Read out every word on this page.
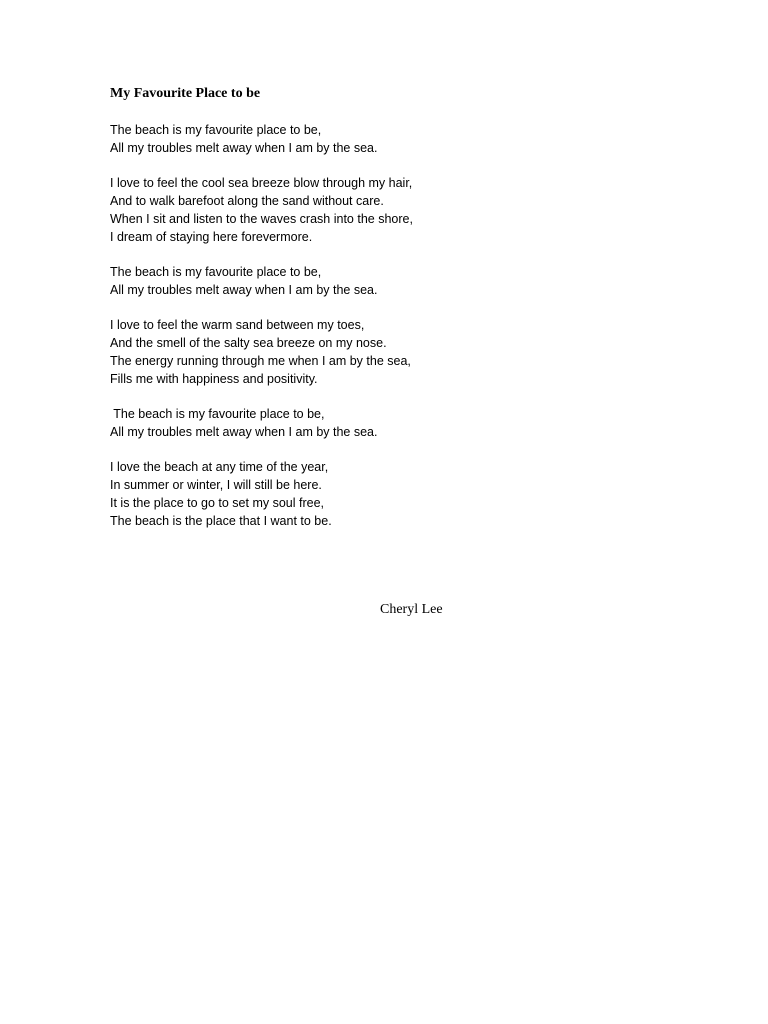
My Favourite Place to be

The beach is my favourite place to be,
All my troubles melt away when I am by the sea.

I love to feel the cool sea breeze blow through my hair,
And to walk barefoot along the sand without care.
When I sit and listen to the waves crash into the shore,
I dream of staying here forevermore.

The beach is my favourite place to be,
All my troubles melt away when I am by the sea.

I love to feel the warm sand between my toes,
And the smell of the salty sea breeze on my nose.
The energy running through me when I am by the sea,
Fills me with happiness and positivity.

The beach is my favourite place to be,
All my troubles melt away when I am by the sea.

I love the beach at any time of the year,
In summer or winter, I will still be here.
It is the place to go to set my soul free,
The beach is the place that I want to be.

Cheryl Lee
